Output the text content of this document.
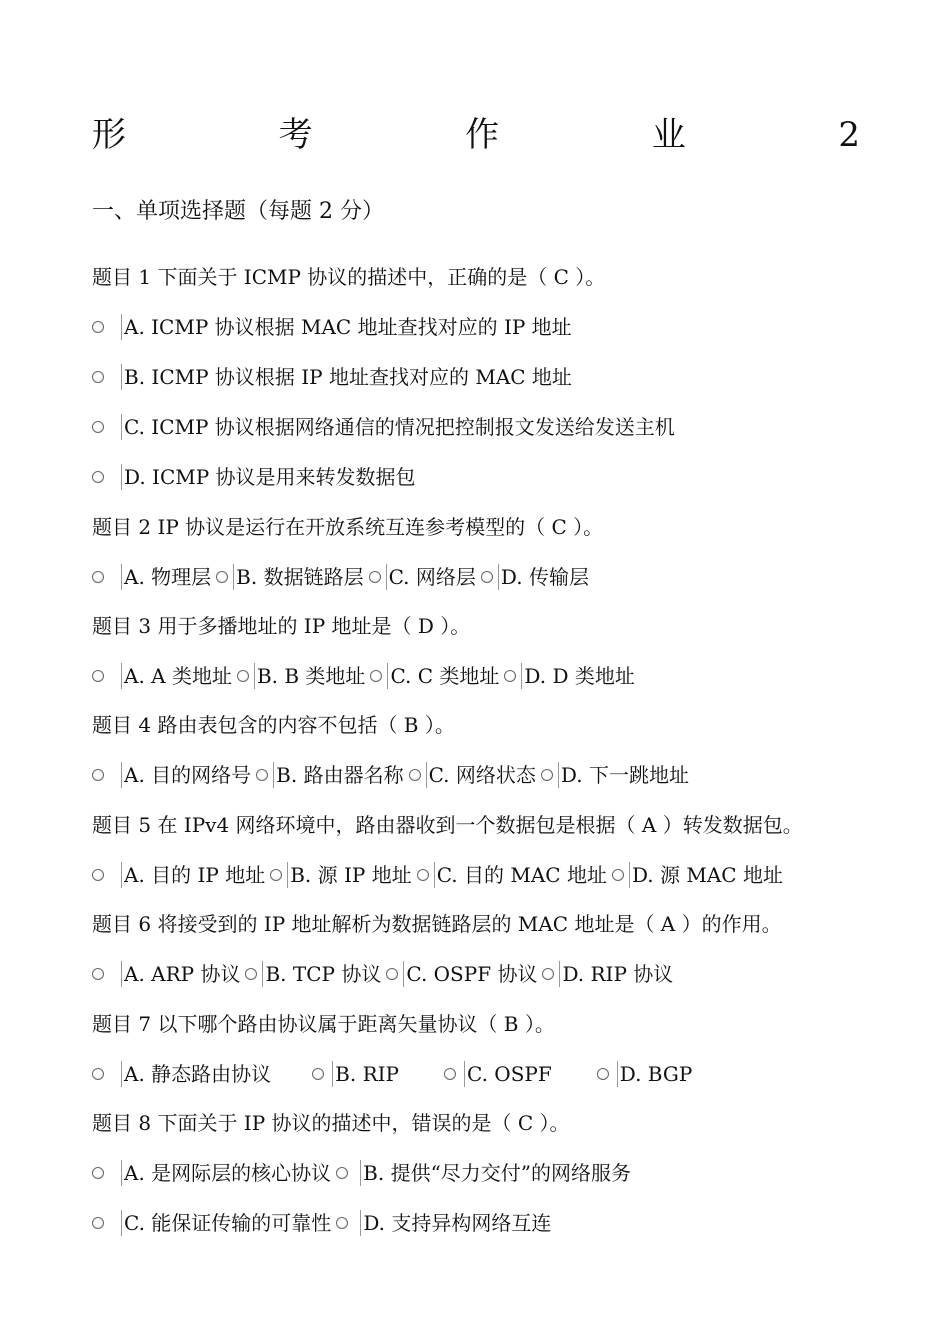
形	考	作	业	2
一、单项选择题（每题 2 分）
题目 1 下面关于 ICMP 协议的描述中，正确的是（ C ）。
A. ICMP 协议根据 MAC 地址查找对应的 IP 地址
B. ICMP 协议根据 IP 地址查找对应的 MAC 地址
C. ICMP 协议根据网络通信的情况把控制报文发送给发送主机
D. ICMP 协议是用来转发数据包
题目 2 IP 协议是运行在开放系统互连参考模型的（ C ）。
A. 物理层 B. 数据链路层 C. 网络层 D. 传输层
题目 3 用于多播地址的 IP 地址是（ D ）。
A. A 类地址 B. B 类地址 C. C 类地址 D. D 类地址
题目 4 路由表包含的内容不包括（ B ）。
A. 目的网络号 B. 路由器名称 C. 网络状态 D. 下一跳地址
题目 5 在 IPv4 网络环境中，路由器收到一个数据包是根据（ A ）转发数据包。
A. 目的 IP 地址 B. 源 IP 地址 C. 目的 MAC 地址 D. 源 MAC 地址
题目 6 将接受到的 IP 地址解析为数据链路层的 MAC 地址是（ A ）的作用。
A. ARP 协议 B. TCP 协议 C. OSPF 协议 D. RIP 协议
题目 7 以下哪个路由协议属于距离矢量协议（ B ）。
A. 静态路由协议	B. RIP	C. OSPF	D. BGP
题目 8 下面关于 IP 协议的描述中，错误的是（ C ）。
A. 是网际层的核心协议 B. 提供“尽力交付”的网络服务
C. 能保证传输的可靠性 D. 支持异构网络互连
